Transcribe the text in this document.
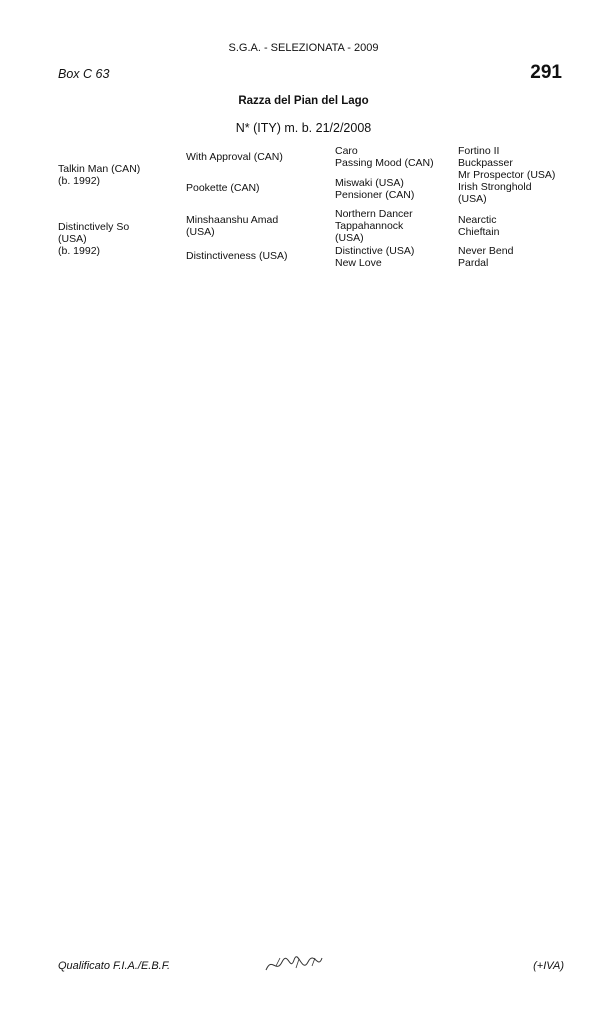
S.G.A. - SELEZIONATA - 2009
Box C 63	291
Razza del Pian del Lago
N* (ITY) m. b. 21/2/2008
Talkin Man (CAN)
(b. 1992)
Distinctively So
(USA)
(b. 1992)
With Approval (CAN)
Pookette (CAN)
Minshaanshu Amad
(USA)
Distinctiveness (USA)
Caro
Passing Mood (CAN)
Miswaki (USA)
Pensioner (CAN)
Northern Dancer
Tappahannock
(USA)
Distinctive (USA)
New Love
Fortino II
Buckpasser
Mr Prospector (USA)
Irish Stronghold
(USA)
Nearctic
Chieftain
Never Bend
Pardal
Qualificato F.I.A./E.B.F.	(+IVA)
